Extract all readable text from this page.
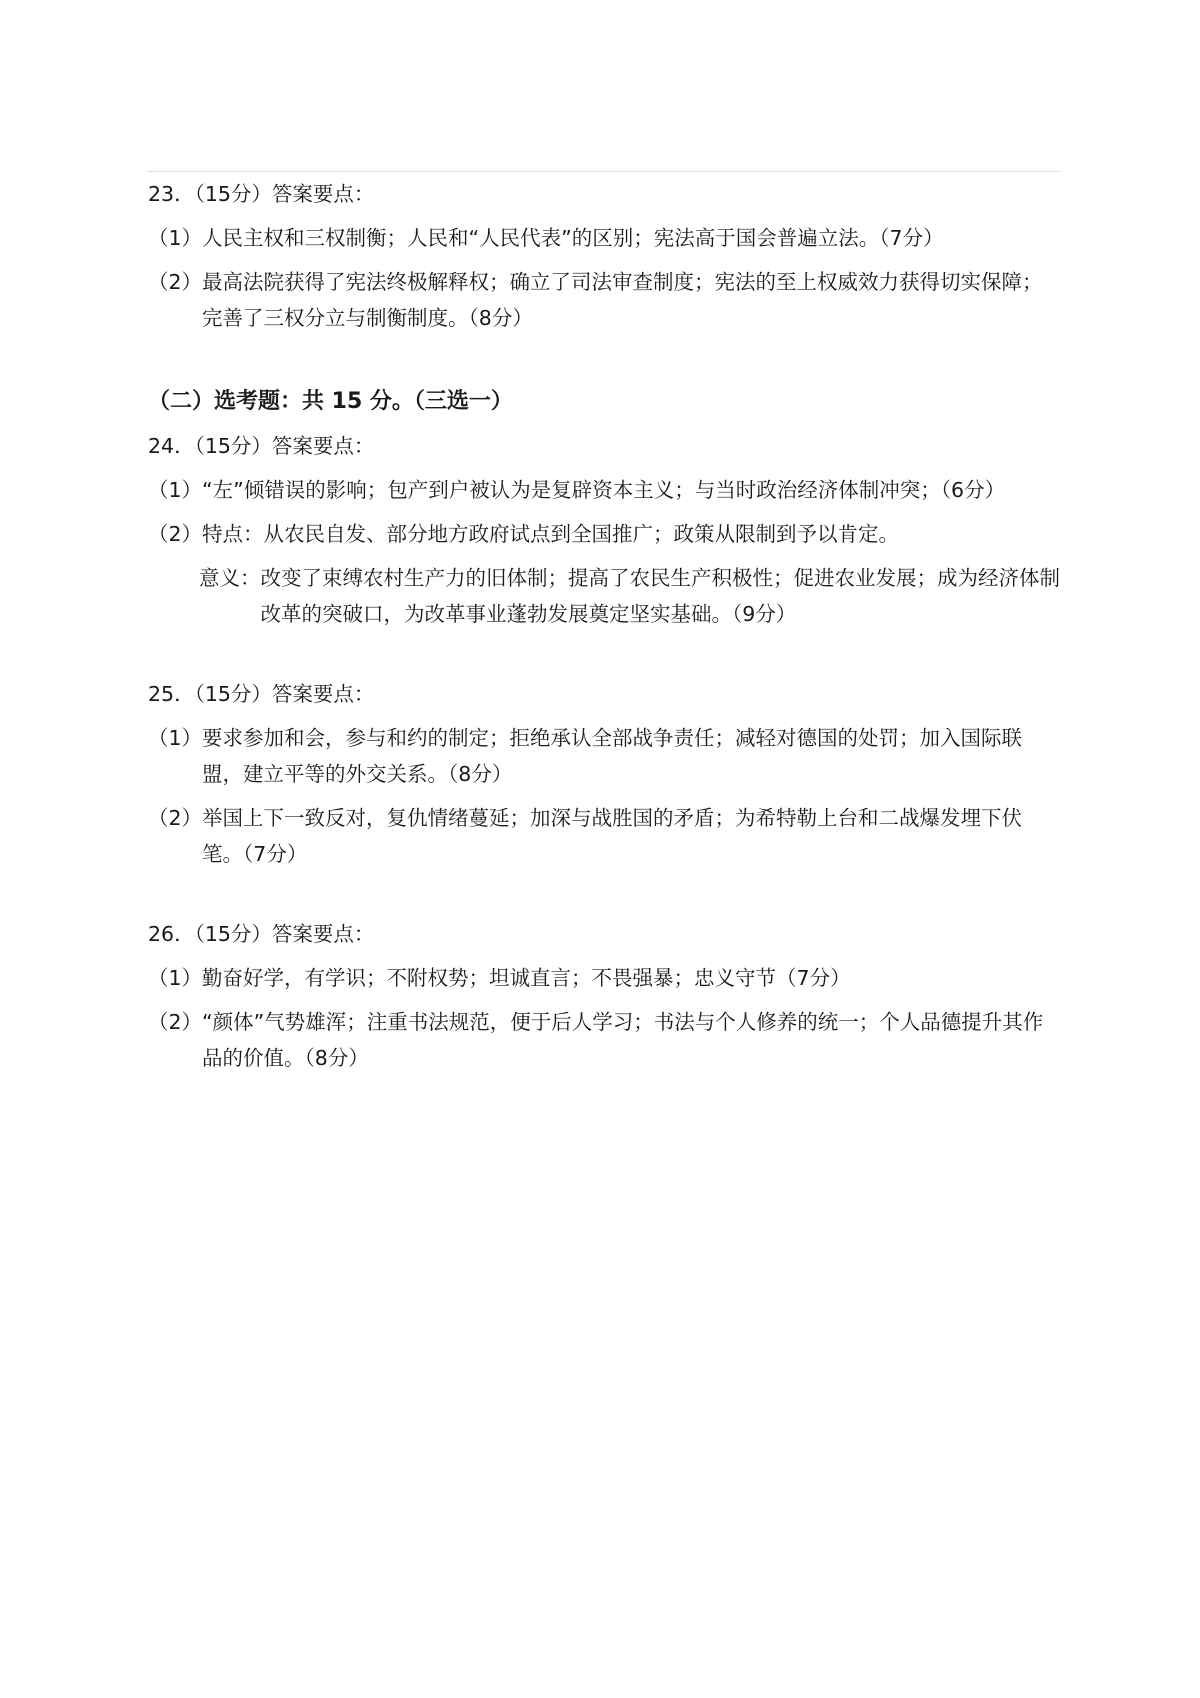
23．（15分）答案要点：
（1） 人民主权和三权制衡；人民和“人民代表”的区别；宪法高于国会普遍立法。（7分）
（2） 最高法院获得了宪法终极解释权；确立了司法审查制度；宪法的至上权威效力获得切实保障；完善了三权分立与制衡制度。（8分）
（二）选考题：共 15 分。（三选一）
24．（15分）答案要点：
（1） “左”倾错误的影响；包产到户被认为是复辟资本主义；与当时政治经济体制冲突；（6分）
（2） 特点：从农民自发、部分地方政府试点到全国推广；政策从限制到予以肯定。
意义： 改变了束缚农村生产力的旧体制；提高了农民生产积极性；促进农业发展；成为经济体制改革的突破口，为改革事业蓬勃发展奠定坚实基础。（9分）
25．（15分）答案要点：
（1） 要求参加和会，参与和约的制定；拒绝承认全部战争责任；减轻对德国的处罚；加入国际联盟，建立平等的外交关系。（8分）
（2） 举国上下一致反对，复仇情绪蔓延；加深与战胜国的矛盾；为希特勒上台和二战爆发埋下伏笔。（7分）
26．（15分）答案要点：
（1） 勤奋好学，有学识；不附权势；坦诚直言；不畏强暴；忠义守节（7分）
（2） “颜体”气势雄浑；注重书法规范，便于后人学习；书法与个人修养的统一；个人品德提升其作品的价值。（8分）
